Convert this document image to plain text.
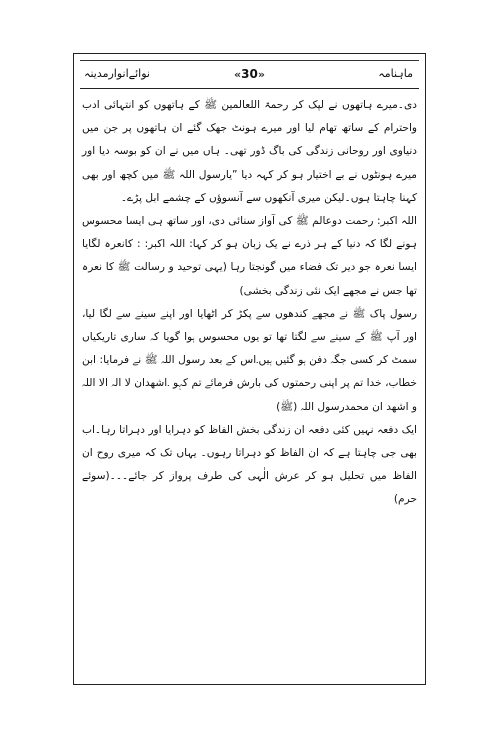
نوائےانوارمدینہ	«30»	ماہنامہ

دی۔میرے ہاتھوں نے لپک کر رحمۃ اللعالمین ﷺ کے ہاتھوں کو انتہائی ادب واحترام کے ساتھ تھام لیا اور میرے ہونٹ جھک گئے ان ہاتھوں پر جن میں دنیاوی اور روحانی زندگی کی باگ ڈور تھی۔ ہاں میں نے ان کو بوسہ دیا اور میرے ہونٹوں نے بے اختیار ہو کر کہہ دیا ”یارسول اللہ ﷺ میں کچھ اور بھی کہنا چاہتا ہوں۔لیکن میری آنکھوں سے آنسوؤں کے چشمے ابل پڑے۔

اللہ اکبر: رحمت دوعالم ﷺ کی آواز سنائی دی، اور ساتھ ہی ایسا محسوس ہونے لگا کہ دنیا کے ہر ذرے نے یک زبان ہو کر کہا: اللہ اکبر: : کانعرہ لگایا ایسا نعرہ جو دیر تک فضاء میں گونجتا رہا (یہی توحید و رسالت ﷺ کا نعرہ تھا جس نے مجھے ایک نئی زندگی بخشی)

رسول پاک ﷺ نے مجھے کندھوں سے پکڑ کر اٹھایا اور اپنے سینے سے لگا لیا، اور آپ ﷺ کے سینے سے لگتا تھا تو یوں محسوس ہوا گویا کہ ساری تاریکیاں سمٹ کر کسی جگہ دفن ہو گئیں ہیں۔اس کے بعد رسول اللہ ﷺ نے فرمایا: ابن خطاب، خدا تم پر اپنی رحمتوں کی بارش فرمائے تم کہو ۔اشھدان لا الہ الا اللہ و اشھد ان محمدرسول اللہ (ﷺ)

ایک دفعہ نہیں کئی دفعہ ان زندگی بخش الفاظ کو دہرایا اور دہراتا رہا۔اب بھی جی چاہتا ہے کہ ان الفاظ کو دہراتا رہوں۔ یہاں تک کہ میری روح ان الفاظ میں تحلیل ہو کر عرش الٰہی کی طرف پرواز کر جائے۔۔۔(سوئے حرم)
